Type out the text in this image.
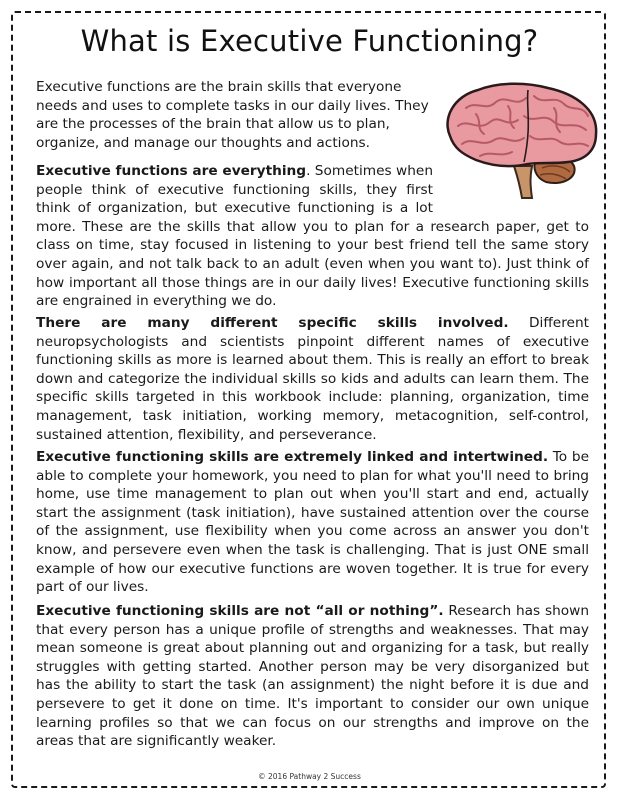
What is Executive Functioning?

Executive functions are the brain skills that everyone needs and uses to complete tasks in our daily lives. They are the processes of the brain that allow us to plan, organize, and manage our thoughts and actions.

Executive functions are everything. Sometimes when people think of executive functioning skills, they first think of organization, but executive functioning is a lot more. These are the skills that allow you to plan for a research paper, get to class on time, stay focused in listening to your best friend tell the same story over again, and not talk back to an adult (even when you want to). Just think of how important all those things are in our daily lives! Executive functioning skills are engrained in everything we do.

There are many different specific skills involved. Different neuropsychologists and scientists pinpoint different names of executive functioning skills as more is learned about them. This is really an effort to break down and categorize the individual skills so kids and adults can learn them. The specific skills targeted in this workbook include: planning, organization, time management, task initiation, working memory, metacognition, self-control, sustained attention, flexibility, and perseverance.

Executive functioning skills are extremely linked and intertwined. To be able to complete your homework, you need to plan for what you'll need to bring home, use time management to plan out when you'll start and end, actually start the assignment (task initiation), have sustained attention over the course of the assignment, use flexibility when you come across an answer you don't know, and persevere even when the task is challenging. That is just ONE small example of how our executive functions are woven together. It is true for every part of our lives.

Executive functioning skills are not “all or nothing”. Research has shown that every person has a unique profile of strengths and weaknesses. That may mean someone is great about planning out and organizing for a task, but really struggles with getting started. Another person may be very disorganized but has the ability to start the task (an assignment) the night before it is due and persevere to get it done on time. It's important to consider our own unique learning profiles so that we can focus on our strengths and improve on the areas that are significantly weaker.

© 2016 Pathway 2 Success
